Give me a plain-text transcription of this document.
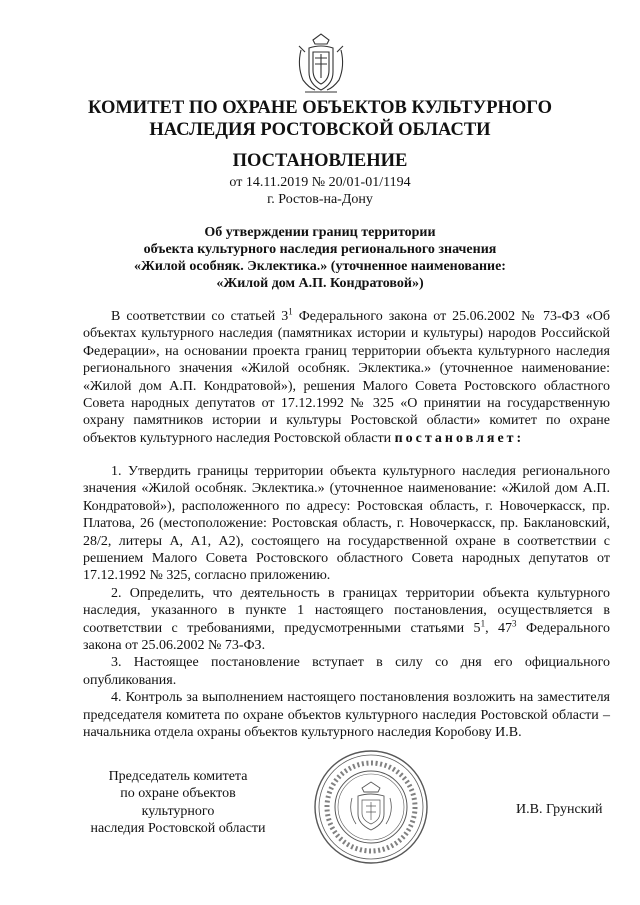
КОМИТЕТ ПО ОХРАНЕ ОБЪЕКТОВ КУЛЬТУРНОГО
НАСЛЕДИЯ РОСТОВСКОЙ ОБЛАСТИ
ПОСТАНОВЛЕНИЕ
от 14.11.2019 № 20/01-01/1194
г. Ростов-на-Дону
Об утверждении границ территории
объекта культурного наследия регионального значения
«Жилой особняк. Эклектика.» (уточненное наименование:
«Жилой дом А.П. Кондратовой»)

В соответствии со статьей $3^1$ Федерального закона от 25.06.2002 № 73-ФЗ «Об объектах культурного наследия (памятниках истории и культуры) народов Российской Федерации», на основании проекта границ территории объекта культурного наследия регионального значения «Жилой особняк. Эклектика.» (уточненное наименование: «Жилой дом А.П. Кондратовой»), решения Малого Совета Ростовского областного Совета народных депутатов от 17.12.1992 № 325 «О принятии на государственную охрану памятников истории и культуры Ростовской области» комитет по охране объектов культурного наследия Ростовской области постановляет:

1. Утвердить границы территории объекта культурного наследия регионального значения «Жилой особняк. Эклектика.» (уточненное наименование: «Жилой дом А.П. Кондратовой»), расположенного по адресу: Ростовская область, г. Новочеркасск, пр. Платова, 26 (местоположение: Ростовская область, г. Новочеркасск, пр. Баклановский, 28/2, литеры А, А1, А2), состоящего на государственной охране в соответствии с решением Малого Совета Ростовского областного Совета народных депутатов от 17.12.1992 № 325, согласно приложению.

2. Определить, что деятельность в границах территории объекта культурного наследия, указанного в пункте 1 настоящего постановления, осуществляется в соответствии с требованиями, предусмотренными статьями $5^1$, $47^3$ Федерального закона от 25.06.2002 № 73-ФЗ.

3. Настоящее постановление вступает в силу со дня его официального опубликования.

4. Контроль за выполнением настоящего постановления возложить на заместителя председателя комитета по охране объектов культурного наследия Ростовской области – начальника отдела охраны объектов культурного наследия Коробову И.В.

Председатель комитета
по охране объектов культурного
наследия Ростовской области
И.В. Грунский
